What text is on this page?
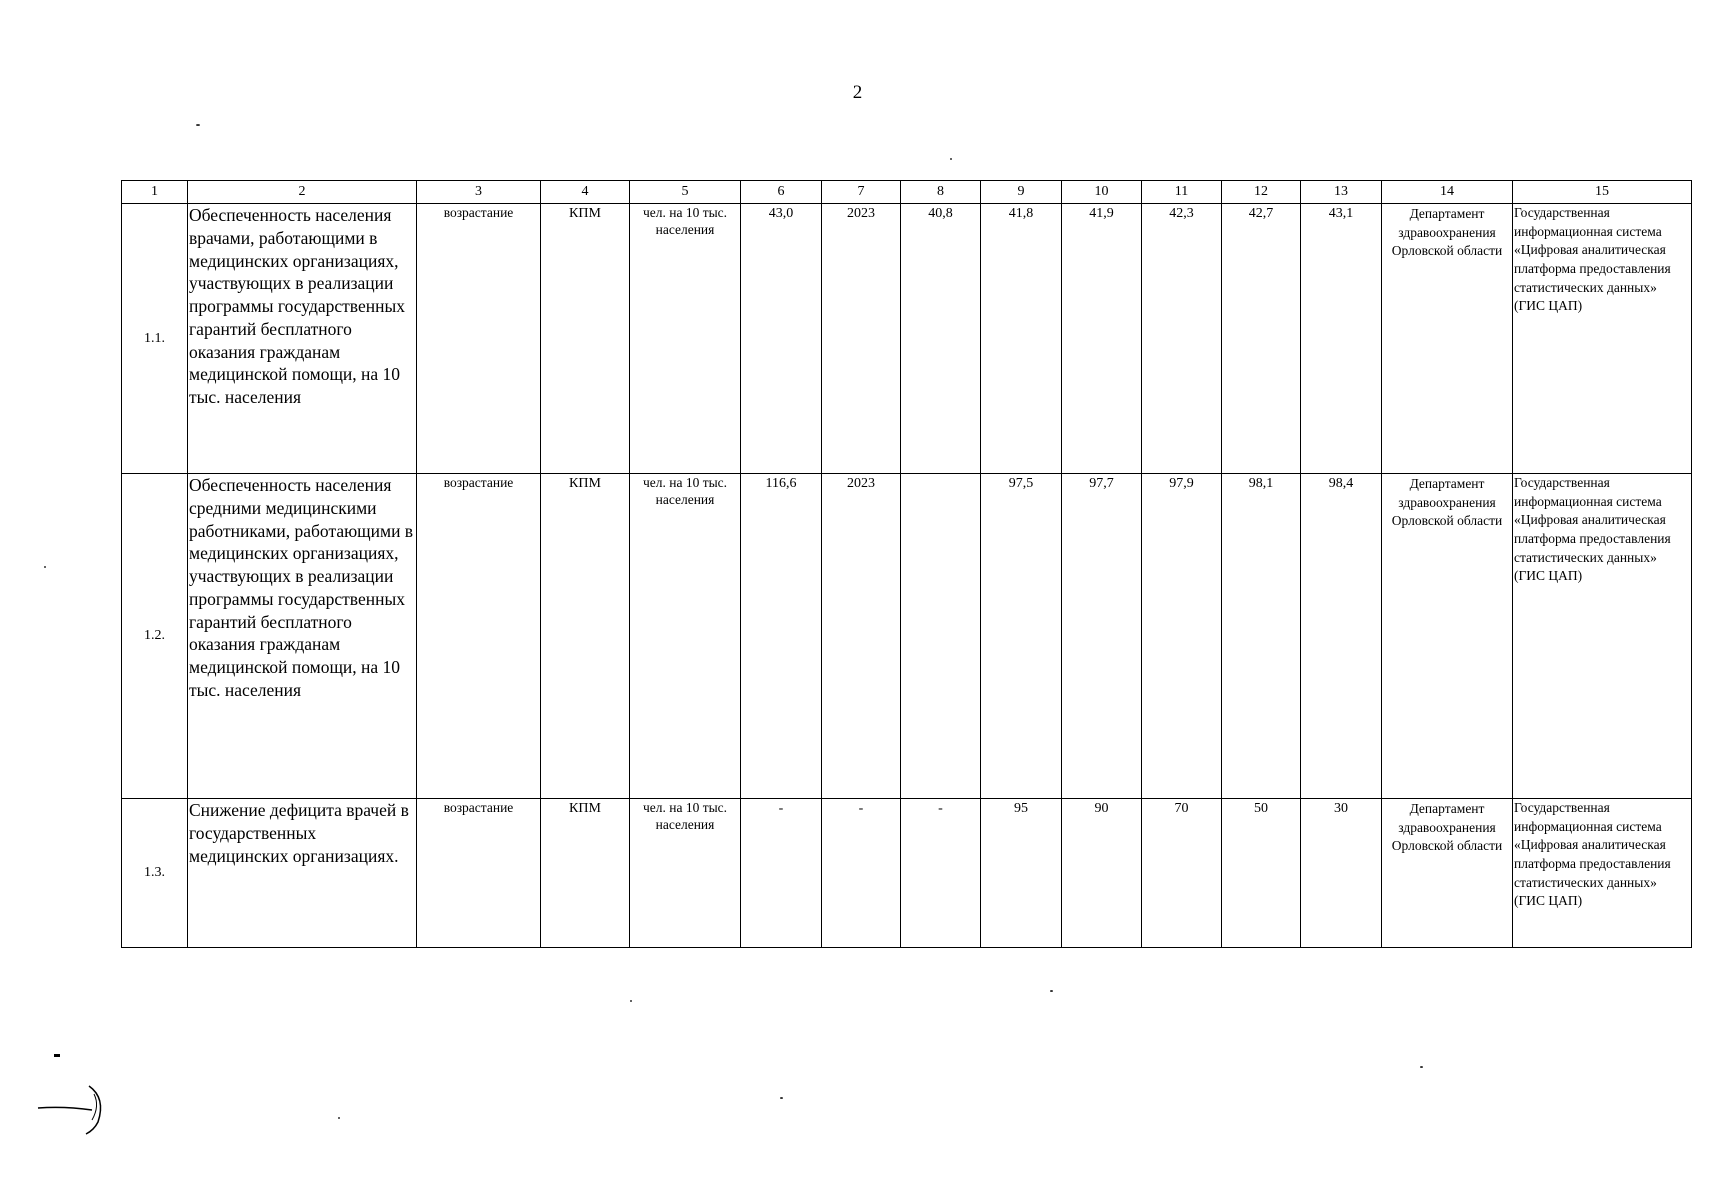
2
1	2	3	4	5	6	7	8	9	10	11	12	13	14	15
1.1.	Обеспеченность населения врачами, работающими в медицинских организациях, участвующих в реализации программы государственных гарантий бесплатного оказания гражданам медицинской помощи, на 10 тыс. населения	возрастание	КПМ	чел. на 10 тыс. населения	43,0	2023	40,8	41,8	41,9	42,3	42,7	43,1	Департамент здравоохранения Орловской области	Государственная информационная система «Цифровая аналитическая платформа предоставления статистических данных» (ГИС ЦАП)
1.2.	Обеспеченность населения средними медицинскими работниками, работающими в медицинских организациях, участвующих в реализации программы государственных гарантий бесплатного оказания гражданам медицинской помощи, на 10 тыс. населения	возрастание	КПМ	чел. на 10 тыс. населения	116,6	2023		97,5	97,7	97,9	98,1	98,4	Департамент здравоохранения Орловской области	Государственная информационная система «Цифровая аналитическая платформа предоставления статистических данных» (ГИС ЦАП)
1.3.	Снижение дефицита врачей в государственных медицинских организациях.	возрастание	КПМ	чел. на 10 тыс. населения	-	-	-	95	90	70	50	30	Департамент здравоохранения Орловской области	Государственная информационная система «Цифровая аналитическая платформа предоставления статистических данных» (ГИС ЦАП)
